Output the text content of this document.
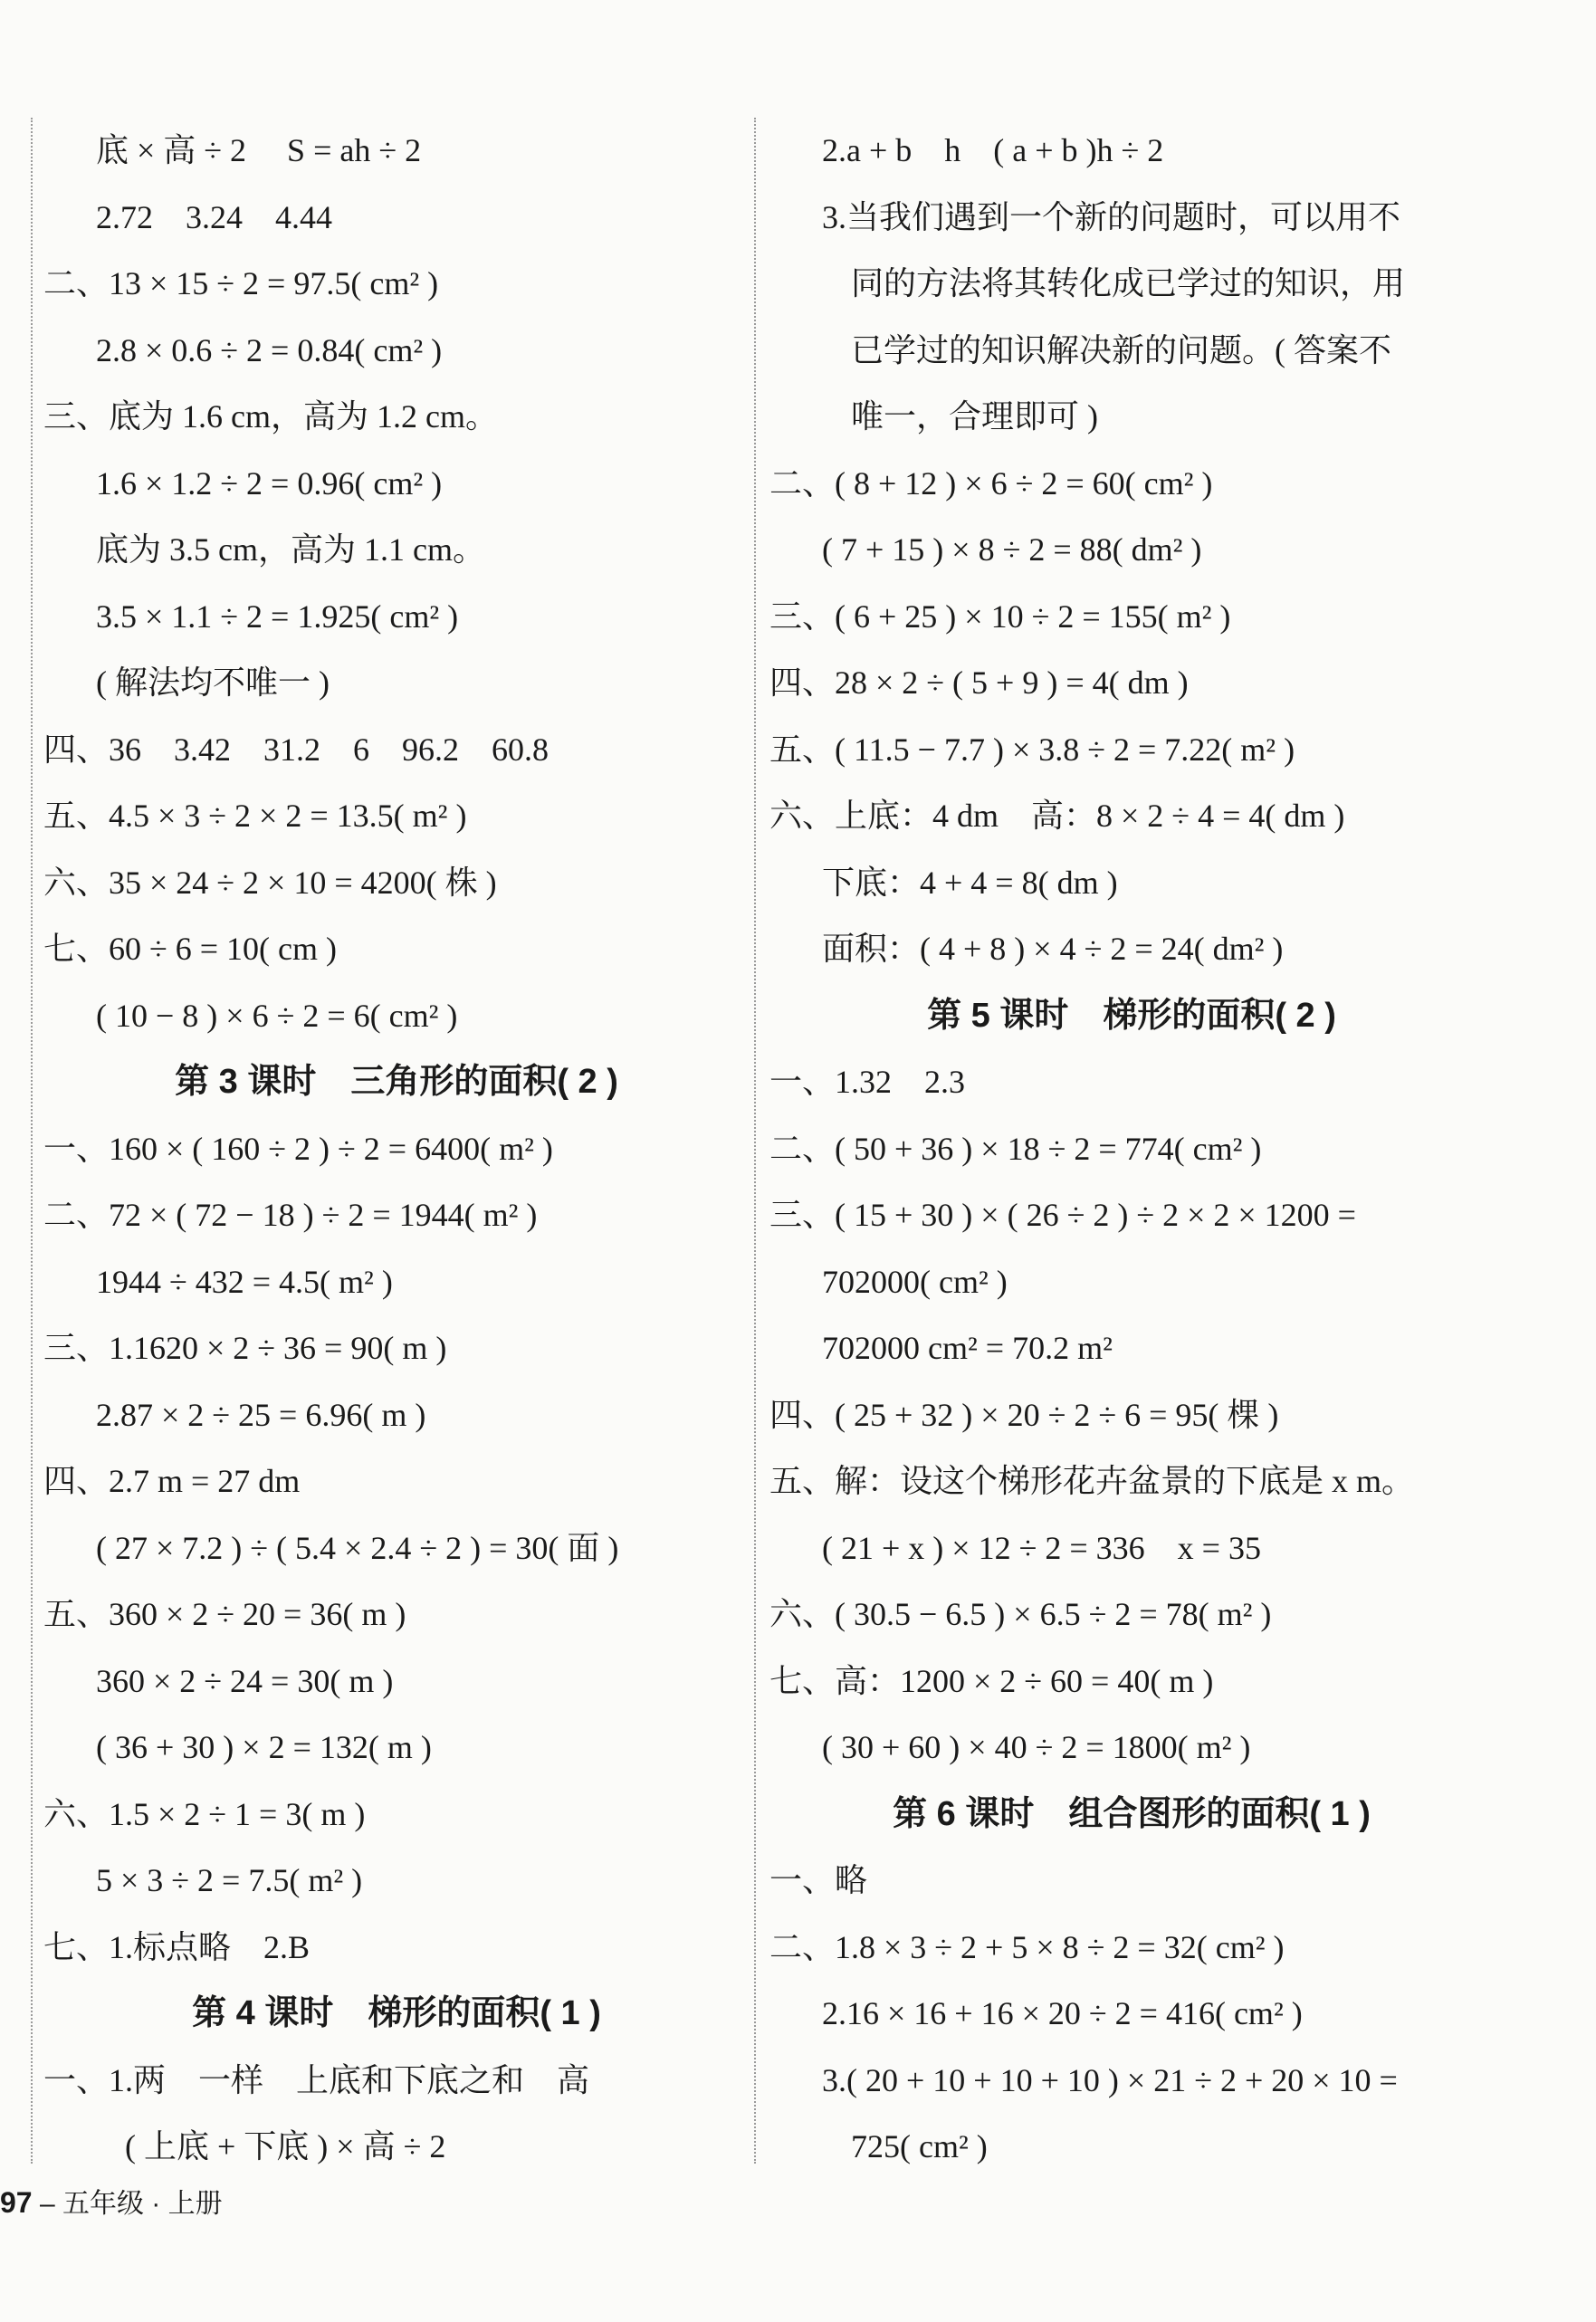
底 × 高 ÷ 2　 S = ah ÷ 2
2.72　3.24　4.44
二、13 × 15 ÷ 2 = 97.5( cm² )
2.8 × 0.6 ÷ 2 = 0.84( cm² )
三、底为 1.6 cm，高为 1.2 cm。
1.6 × 1.2 ÷ 2 = 0.96( cm² )
底为 3.5 cm，高为 1.1 cm。
3.5 × 1.1 ÷ 2 = 1.925( cm² )
( 解法均不唯一 )
四、36　3.42　31.2　6　96.2　60.8
五、4.5 × 3 ÷ 2 × 2 = 13.5( m² )
六、35 × 24 ÷ 2 × 10 = 4200( 株 )
七、60 ÷ 6 = 10( cm )
( 10 − 8 ) × 6 ÷ 2 = 6( cm² )
第 3 课时　三角形的面积( 2 )
一、160 × ( 160 ÷ 2 ) ÷ 2 = 6400( m² )
二、72 × ( 72 − 18 ) ÷ 2 = 1944( m² )
1944 ÷ 432 = 4.5( m² )
三、1.1620 × 2 ÷ 36 = 90( m )
2.87 × 2 ÷ 25 = 6.96( m )
四、2.7 m = 27 dm
( 27 × 7.2 ) ÷ ( 5.4 × 2.4 ÷ 2 ) = 30( 面 )
五、360 × 2 ÷ 20 = 36( m )
360 × 2 ÷ 24 = 30( m )
( 36 + 30 ) × 2 = 132( m )
六、1.5 × 2 ÷ 1 = 3( m )
5 × 3 ÷ 2 = 7.5( m² )
七、1.标点略　2.B
第 4 课时　梯形的面积( 1 )
一、1.两　一样　上底和下底之和　高
( 上底 + 下底 ) × 高 ÷ 2
2.a + b　h　( a + b )h ÷ 2
3.当我们遇到一个新的问题时，可以用不
同的方法将其转化成已学过的知识，用
已学过的知识解决新的问题。( 答案不
唯一，合理即可 )
二、( 8 + 12 ) × 6 ÷ 2 = 60( cm² )
( 7 + 15 ) × 8 ÷ 2 = 88( dm² )
三、( 6 + 25 ) × 10 ÷ 2 = 155( m² )
四、28 × 2 ÷ ( 5 + 9 ) = 4( dm )
五、( 11.5 − 7.7 ) × 3.8 ÷ 2 = 7.22( m² )
六、上底：4 dm　高：8 × 2 ÷ 4 = 4( dm )
下底：4 + 4 = 8( dm )
面积：( 4 + 8 ) × 4 ÷ 2 = 24( dm² )
第 5 课时　梯形的面积( 2 )
一、1.32　2.3
二、( 50 + 36 ) × 18 ÷ 2 = 774( cm² )
三、( 15 + 30 ) × ( 26 ÷ 2 ) ÷ 2 × 2 × 1200 =
702000( cm² )
702000 cm² = 70.2 m²
四、( 25 + 32 ) × 20 ÷ 2 ÷ 6 = 95( 棵 )
五、解：设这个梯形花卉盆景的下底是 x m。
( 21 + x ) × 12 ÷ 2 = 336　x = 35
六、( 30.5 − 6.5 ) × 6.5 ÷ 2 = 78( m² )
七、高：1200 × 2 ÷ 60 = 40( m )
( 30 + 60 ) × 40 ÷ 2 = 1800( m² )
第 6 课时　组合图形的面积( 1 )
一、略
二、1.8 × 3 ÷ 2 + 5 × 8 ÷ 2 = 32( cm² )
2.16 × 16 + 16 × 20 ÷ 2 = 416( cm² )
3.( 20 + 10 + 10 + 10 ) × 21 ÷ 2 + 20 × 10 =
725( cm² )
97 – 五年级 · 上册
